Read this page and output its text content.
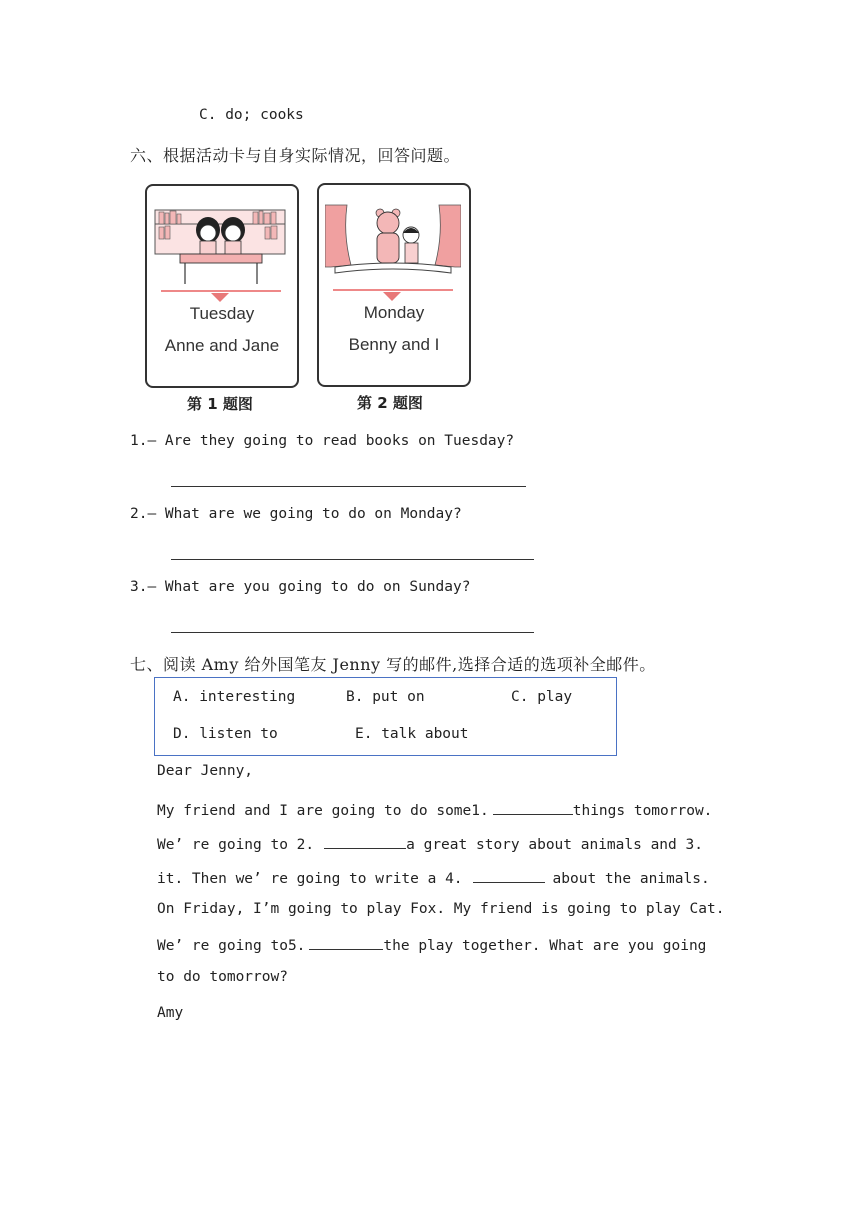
C. do; cooks
六、根据活动卡与自身实际情况，回答问题。
Tuesday
Anne and Jane
第 1 题图
Monday
Benny and I
第 2 题图
1.— Are they going to read books on Tuesday?
2.— What are we going to do on Monday?
3.— What are you going to do on Sunday?
七、阅读 Amy 给外国笔友 Jenny 写的邮件,选择合适的选项补全邮件。
A. interesting	B. put on	C. play
D. listen to	E. talk about
Dear Jenny,
My friend and I are going to do some1.	things tomorrow.
We’ re going to 2.	a great story about animals and 3.
it. Then we’ re going to write a 4.	about the animals.
On Friday, I’m going to play Fox. My friend is going to play Cat.
We’ re going to5.	the play together. What are you going
to do tomorrow?
Amy
